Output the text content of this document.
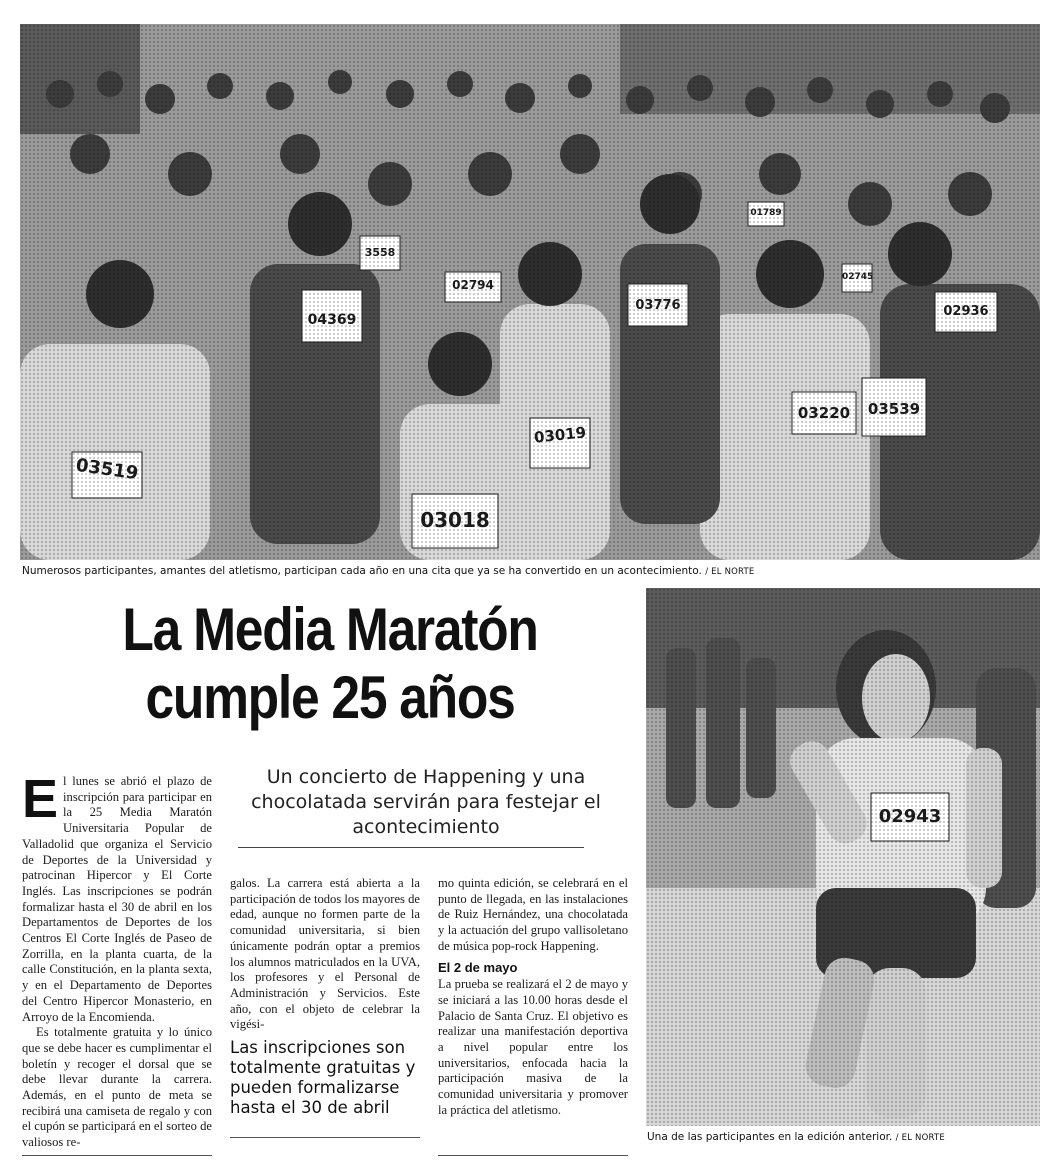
03519
04369
03018
03019
02794
03776
03220	03539
02936
02745
01789
3558
Numerosos participantes, amantes del atletismo, participan cada año en una cita que ya se ha convertido en un acontecimiento. / EL NORTE
La Media Maratón
cumple 25 años
Un concierto de Happening y una chocolatada servirán para festejar el acontecimiento
E l lunes se abrió el plazo de inscripción para participar en la 25 Media Maratón Universitaria Popular de Valladolid que organiza el Servicio de Deportes de la Universidad y patrocinan Hipercor y El Corte Inglés. Las inscripciones se podrán formalizar hasta el 30 de abril en los Departamentos de Deportes de los Centros El Corte Inglés de Paseo de Zorrilla, en la planta cuarta, de la calle Constitución, en la planta sexta, y en el Departamento de Deportes del Centro Hipercor Monasterio, en Arroyo de la Encomienda.

Es totalmente gratuita y lo único que se debe hacer es cumplimentar el boletín y recoger el dorsal que se debe llevar durante la carrera. Además, en el punto de meta se recibirá una camiseta de regalo y con el cupón se participará en el sorteo de valiosos re-

galos. La carrera está abierta a la participación de todos los mayores de edad, aunque no formen parte de la comunidad universitaria, si bien únicamente podrán optar a premios los alumnos matriculados en la UVA, los profesores y el Personal de Administración y Servicios. Este año, con el objeto de celebrar la vigési-

Las inscripciones son totalmente gratuitas y pueden formalizarse hasta el 30 de abril

mo quinta edición, se celebrará en el punto de llegada, en las instalaciones de Ruiz Hernández, una chocolatada y la actuación del grupo vallisoletano de música pop-rock Happening.

El 2 de mayo

La prueba se realizará el 2 de mayo y se iniciará a las 10.00 horas desde el Palacio de Santa Cruz. El objetivo es realizar una manifestación deportiva a nivel popular entre los universitarios, enfocada hacia la participación masiva de la comunidad universitaria y promover la práctica del atletismo.

02943
Una de las participantes en la edición anterior. / EL NORTE
